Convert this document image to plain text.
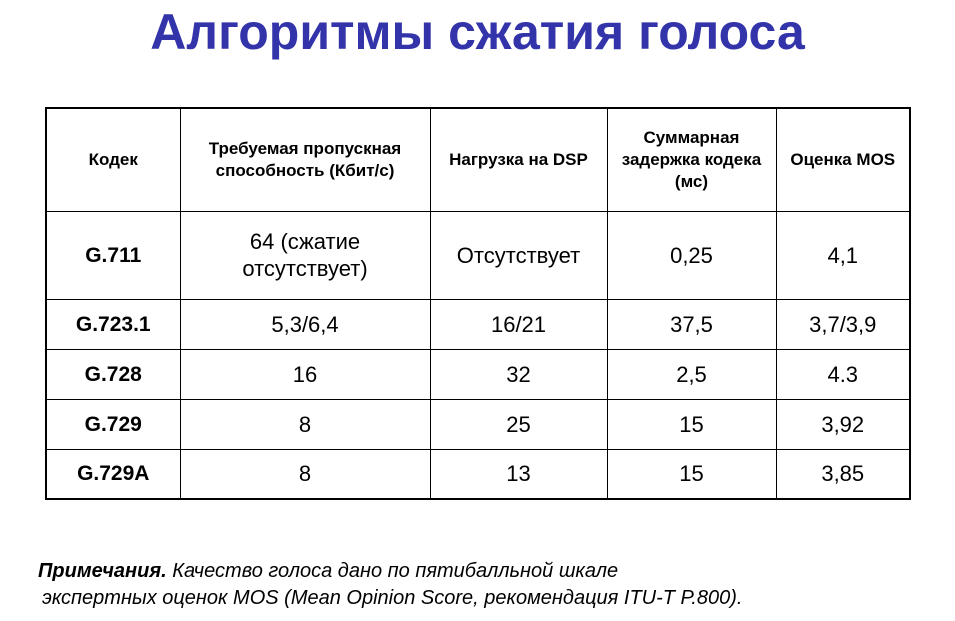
Алгоритмы сжатия голоса
Кодек	Требуемая пропускная способность (Кбит/с)	Нагрузка на DSP	Суммарная задержка кодека (мс)	Оценка MOS
G.711	64 (сжатие отсутствует)	Отсутствует	0,25	4,1
G.723.1	5,3/6,4	16/21	37,5	3,7/3,9
G.728	16	32	2,5	4.3
G.729	8	25	15	3,92
G.729A	8	13	15	3,85
Примечания. Качество голоса дано по пятибалльной шкале
экспертных оценок MOS (Mean Opinion Score, рекомендация ITU-T P.800).
